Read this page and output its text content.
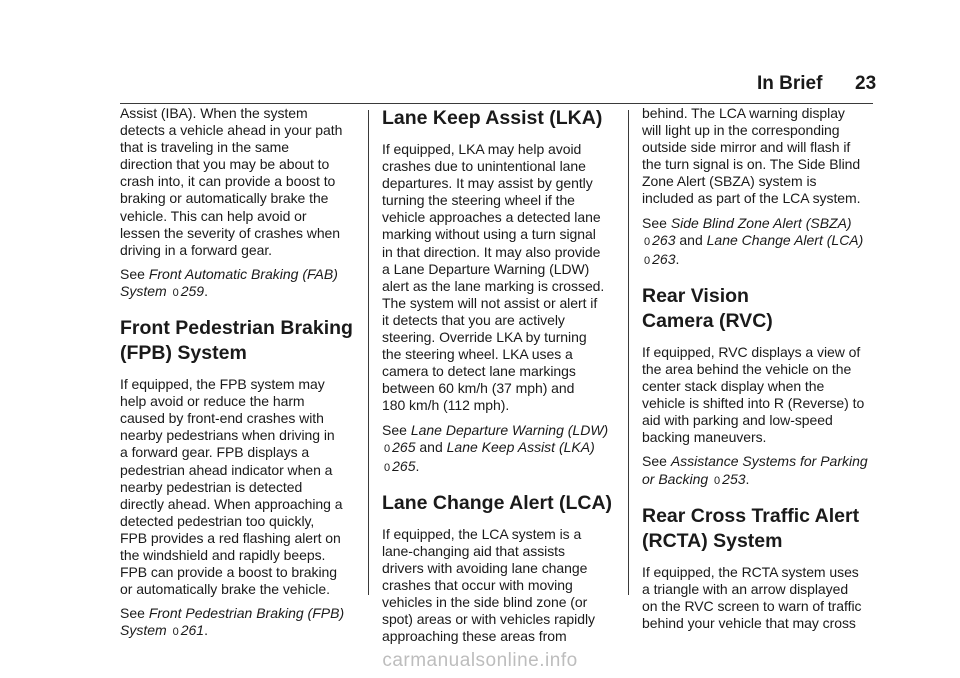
In Brief 23

Assist (IBA). When the system
detects a vehicle ahead in your path
that is traveling in the same
direction that you may be about to
crash into, it can provide a boost to
braking or automatically brake the
vehicle. This can help avoid or
lessen the severity of crashes when
driving in a forward gear.

See Front Automatic Braking (FAB)
System 0 259.

Front Pedestrian Braking
(FPB) System

If equipped, the FPB system may
help avoid or reduce the harm
caused by front-end crashes with
nearby pedestrians when driving in
a forward gear. FPB displays a
pedestrian ahead indicator when a
nearby pedestrian is detected
directly ahead. When approaching a
detected pedestrian too quickly,
FPB provides a red flashing alert on
the windshield and rapidly beeps.
FPB can provide a boost to braking
or automatically brake the vehicle.

See Front Pedestrian Braking (FPB)
System 0 261.

Lane Keep Assist (LKA)

If equipped, LKA may help avoid
crashes due to unintentional lane
departures. It may assist by gently
turning the steering wheel if the
vehicle approaches a detected lane
marking without using a turn signal
in that direction. It may also provide
a Lane Departure Warning (LDW)
alert as the lane marking is crossed.
The system will not assist or alert if
it detects that you are actively
steering. Override LKA by turning
the steering wheel. LKA uses a
camera to detect lane markings
between 60 km/h (37 mph) and
180 km/h (112 mph).

See Lane Departure Warning (LDW)
0 265 and Lane Keep Assist (LKA)
0 265.

Lane Change Alert (LCA)

If equipped, the LCA system is a
lane-changing aid that assists
drivers with avoiding lane change
crashes that occur with moving
vehicles in the side blind zone (or
spot) areas or with vehicles rapidly
approaching these areas from

behind. The LCA warning display
will light up in the corresponding
outside side mirror and will flash if
the turn signal is on. The Side Blind
Zone Alert (SBZA) system is
included as part of the LCA system.

See Side Blind Zone Alert (SBZA)
0 263 and Lane Change Alert (LCA)
0 263.

Rear Vision
Camera (RVC)

If equipped, RVC displays a view of
the area behind the vehicle on the
center stack display when the
vehicle is shifted into R (Reverse) to
aid with parking and low-speed
backing maneuvers.

See Assistance Systems for Parking
or Backing 0 253.

Rear Cross Traffic Alert
(RCTA) System

If equipped, the RCTA system uses
a triangle with an arrow displayed
on the RVC screen to warn of traffic
behind your vehicle that may cross

carmanualsonline.info
